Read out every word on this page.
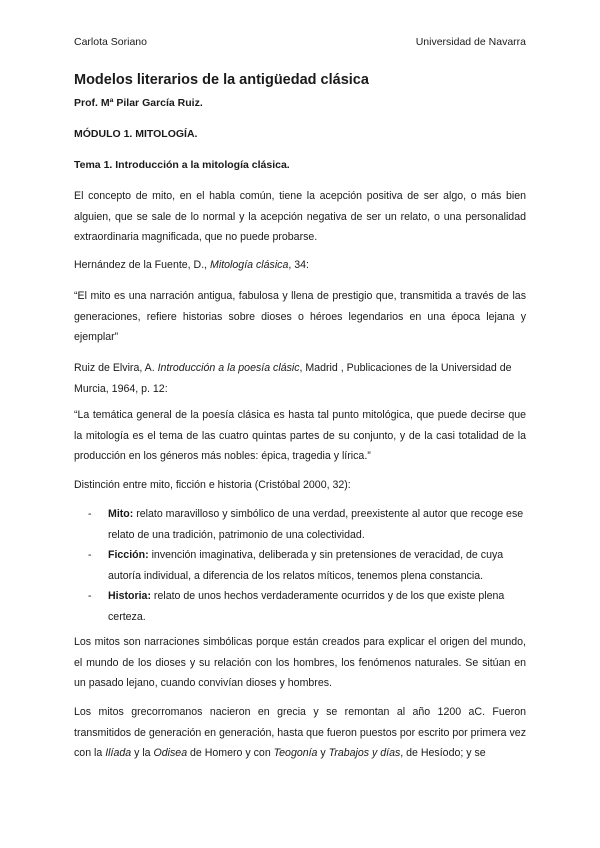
Carlota Soriano	Universidad de Navarra
Modelos literarios de la antigüedad clásica
Prof. Mª Pilar García Ruiz.
MÓDULO 1. MITOLOGÍA.
Tema 1. Introducción a la mitología clásica.
El concepto de mito, en el habla común, tiene la acepción positiva de ser algo, o más bien alguien, que se sale de lo normal y la acepción negativa de ser un relato, o una personalidad extraordinaria magnificada, que no puede probarse.
Hernández de la Fuente, D., Mitología clásica, 34:
“El mito es una narración antigua, fabulosa y llena de prestigio que, transmitida a través de las generaciones, refiere historias sobre dioses o héroes legendarios en una época lejana y ejemplar”
Ruiz de Elvira, A. Introducción a la poesía clásic, Madrid , Publicaciones de la Universidad de Murcia, 1964, p. 12:
“La temática general de la poesía clásica es hasta tal punto mitológica, que puede decirse que la mitología es el tema de las cuatro quintas partes de su conjunto, y de la casi totalidad de la producción en los géneros más nobles: épica, tragedia y lírica.”
Distinción entre mito, ficción e historia (Cristóbal 2000, 32):
- Mito: relato maravilloso y simbólico de una verdad, preexistente al autor que recoge ese relato de una tradición, patrimonio de una colectividad.
- Ficción: invención imaginativa, deliberada y sin pretensiones de veracidad, de cuya autoría individual, a diferencia de los relatos míticos, tenemos plena constancia.
- Historia: relato de unos hechos verdaderamente ocurridos y de los que existe plena certeza.
Los mitos son narraciones simbólicas porque están creados para explicar el origen del mundo, el mundo de los dioses y su relación con los hombres, los fenómenos naturales. Se sitúan en un pasado lejano, cuando convivían dioses y hombres.
Los mitos grecorromanos nacieron en grecia y se remontan al año 1200 aC. Fueron transmitidos de generación en generación, hasta que fueron puestos por escrito por primera vez con la Ilíada y la Odisea de Homero y con Teogonía y Trabajos y días, de Hesíodo; y se
